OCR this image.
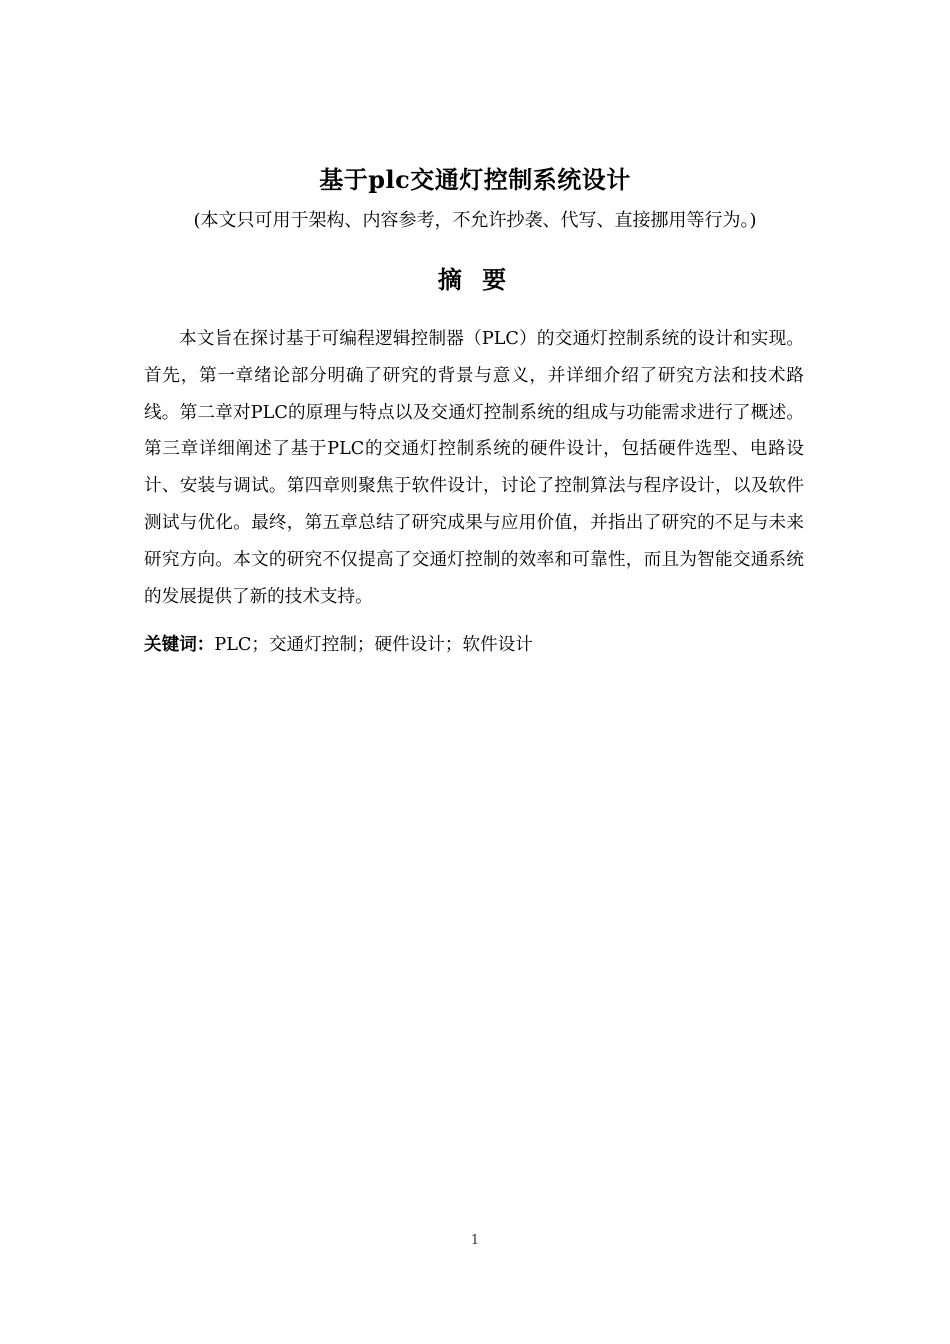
基于plc交通灯控制系统设计
(本文只可用于架构、内容参考，不允许抄袭、代写、直接挪用等行为。)
摘 要

本文旨在探讨基于可编程逻辑控制器（PLC）的交通灯控制系统的设计和实现。首先，第一章绪论部分明确了研究的背景与意义，并详细介绍了研究方法和技术路线。第二章对PLC的原理与特点以及交通灯控制系统的组成与功能需求进行了概述。第三章详细阐述了基于PLC的交通灯控制系统的硬件设计，包括硬件选型、电路设计、安装与调试。第四章则聚焦于软件设计，讨论了控制算法与程序设计，以及软件测试与优化。最终，第五章总结了研究成果与应用价值，并指出了研究的不足与未来研究方向。本文的研究不仅提高了交通灯控制的效率和可靠性，而且为智能交通系统的发展提供了新的技术支持。

关键词：PLC；交通灯控制；硬件设计；软件设计

1
